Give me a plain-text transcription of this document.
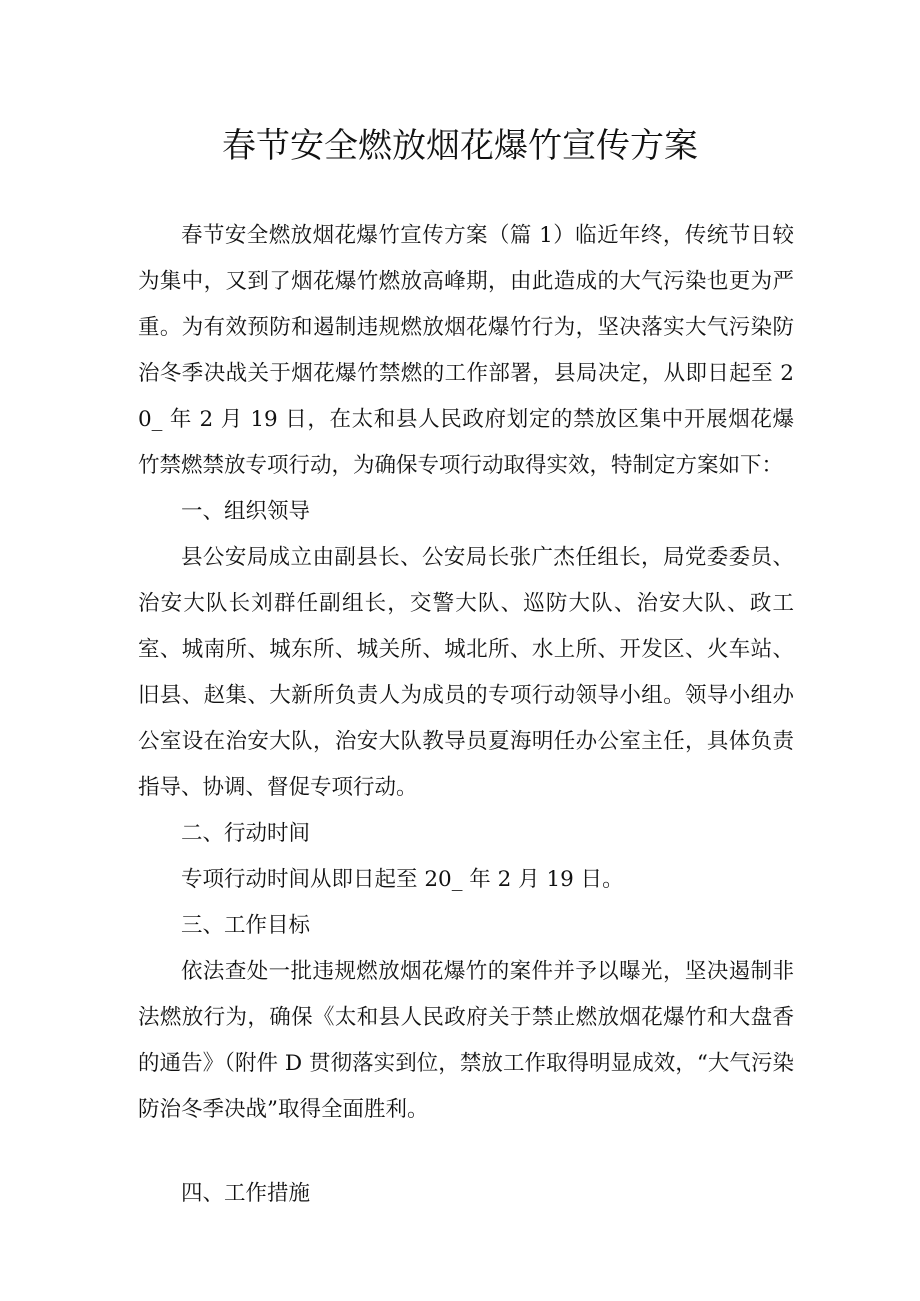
春节安全燃放烟花爆竹宣传方案

春节安全燃放烟花爆竹宣传方案（篇 1）临近年终，传统节日较为集中，又到了烟花爆竹燃放高峰期，由此造成的大气污染也更为严重。为有效预防和遏制违规燃放烟花爆竹行为，坚决落实大气污染防治冬季决战关于烟花爆竹禁燃的工作部署，县局决定，从即日起至 20_ 年 2 月 19 日，在太和县人民政府划定的禁放区集中开展烟花爆竹禁燃禁放专项行动，为确保专项行动取得实效，特制定方案如下：

一、组织领导

县公安局成立由副县长、公安局长张广杰任组长，局党委委员、治安大队长刘群任副组长，交警大队、巡防大队、治安大队、政工室、城南所、城东所、城关所、城北所、水上所、开发区、火车站、旧县、赵集、大新所负责人为成员的专项行动领导小组。领导小组办公室设在治安大队，治安大队教导员夏海明任办公室主任，具体负责指导、协调、督促专项行动。

二、行动时间

专项行动时间从即日起至 20_ 年 2 月 19 日。

三、工作目标

依法查处一批违规燃放烟花爆竹的案件并予以曝光，坚决遏制非法燃放行为，确保《太和县人民政府关于禁止燃放烟花爆竹和大盘香的通告》（附件 D 贯彻落实到位，禁放工作取得明显成效，“大气污染防治冬季决战”取得全面胜利。

四、工作措施
